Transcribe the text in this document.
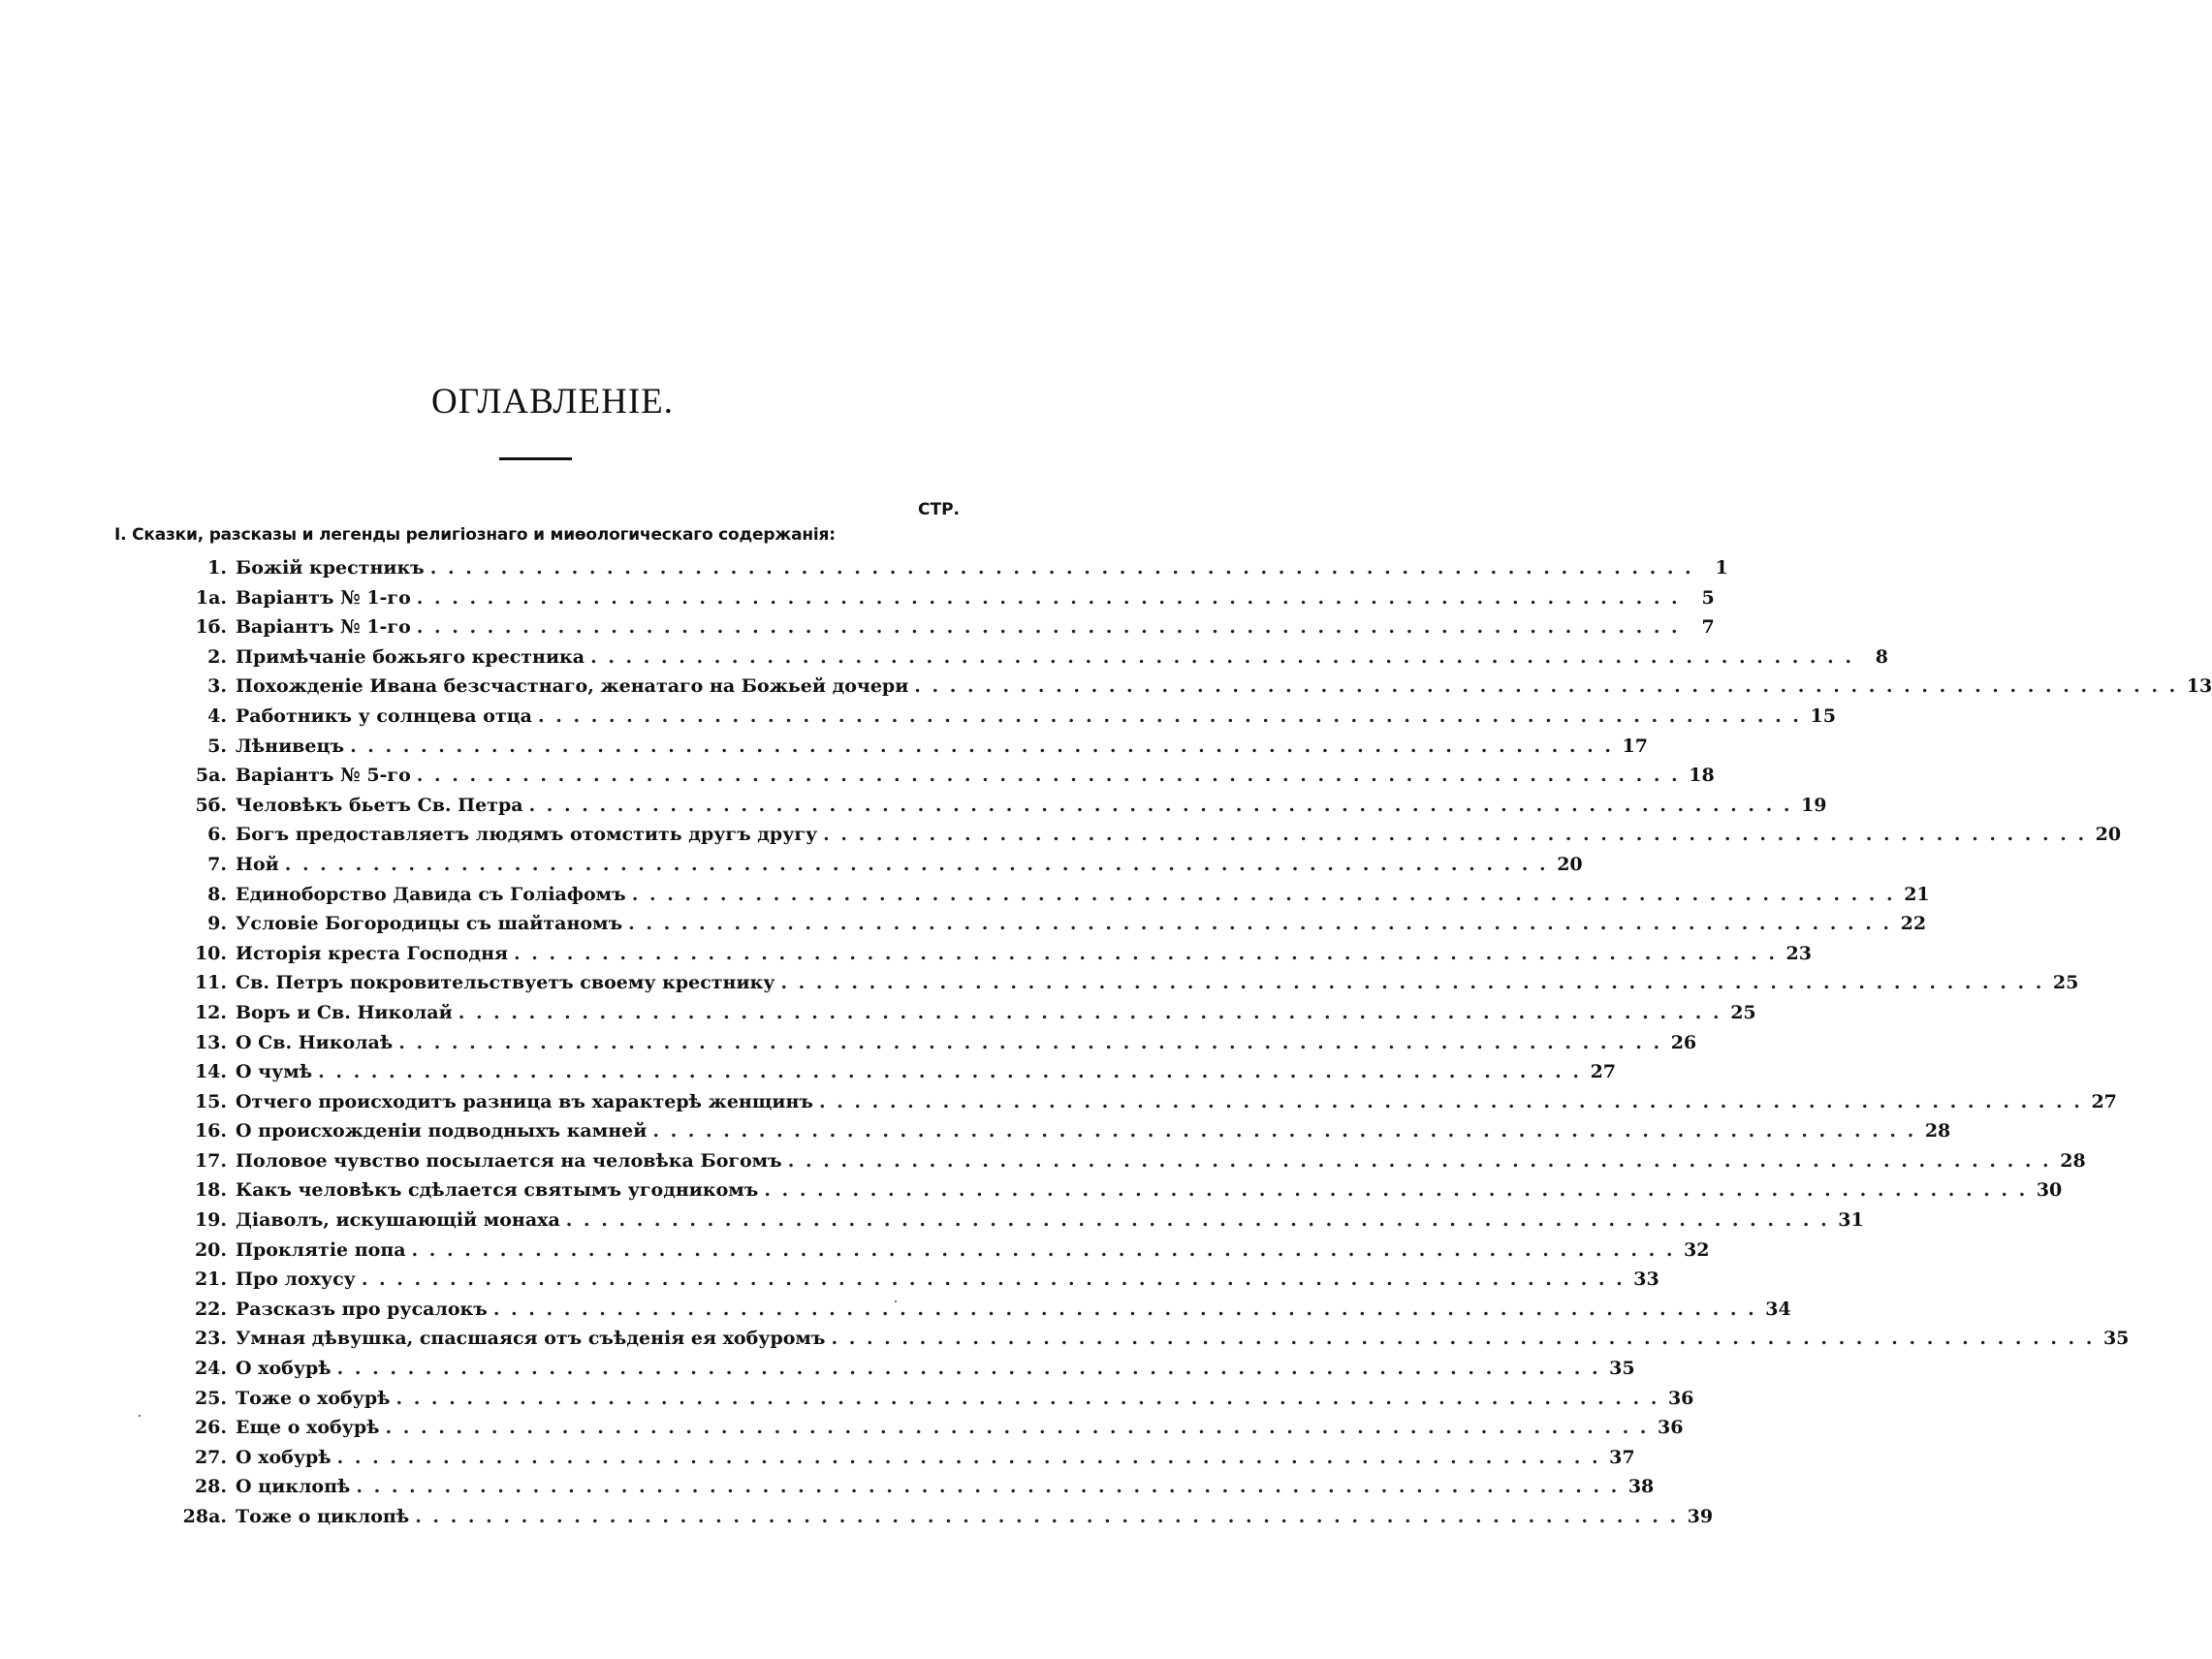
ОГЛАВЛЕНІЕ.
СТР.
I. Сказки, разсказы и легенды религіознаго и миѳологическаго содержанія:
1. Божій крестникъ . . .	1
1а. Варіантъ № 1-го . . .	5
1б. Варіантъ № 1-го . . .	7
2. Примѣчаніе божьяго крестника . . .	8
3. Похожденіе Ивана безсчастнаго, женатаго на Божьей дочери . . .	13
4. Работникъ у солнцева отца . . .	15
5. Лѣнивецъ . . .	17
5а. Варіантъ № 5-го . . .	18
5б. Человѣкъ бьетъ Св. Петра . . .	19
6. Богъ предоставляетъ людямъ отомстить другъ другу . . .	20
7. Ной . . .	20
8. Единоборство Давида съ Голіафомъ . . .	21
9. Условіе Богородицы съ шайтаномъ . . .	22
10. Исторія креста Господня . . .	23
11. Св. Петръ покровительствуетъ своему крестнику . . .	25
12. Воръ и Св. Николай . . .	25
13. О Св. Николаѣ . . .	26
14. О чумѣ . . .	27
15. Отчего происходитъ разница въ характерѣ женщинъ . . .	27
16. О происхожденіи подводныхъ камней . . .	28
17. Половое чувство посылается на человѣка Богомъ . . .	28
18. Какъ человѣкъ сдѣлается святымъ угодникомъ . . .	30
19. Діаволъ, искушающій монаха . . .	31
20. Проклятіе попа . . .	32
21. Про лохусу . . .	33
22. Разсказъ про русалокъ . . .	34
23. Умная дѣвушка, спасшаяся отъ съѣденія ея хобуромъ . . .	35
24. О хобурѣ . . .	35
25. Тоже о хобурѣ . . .	36
26. Еще о хобурѣ . . .	36
27. О хобурѣ . . .	37
28. О циклопѣ . . .	38
28а. Тоже о циклопѣ . . .	39
